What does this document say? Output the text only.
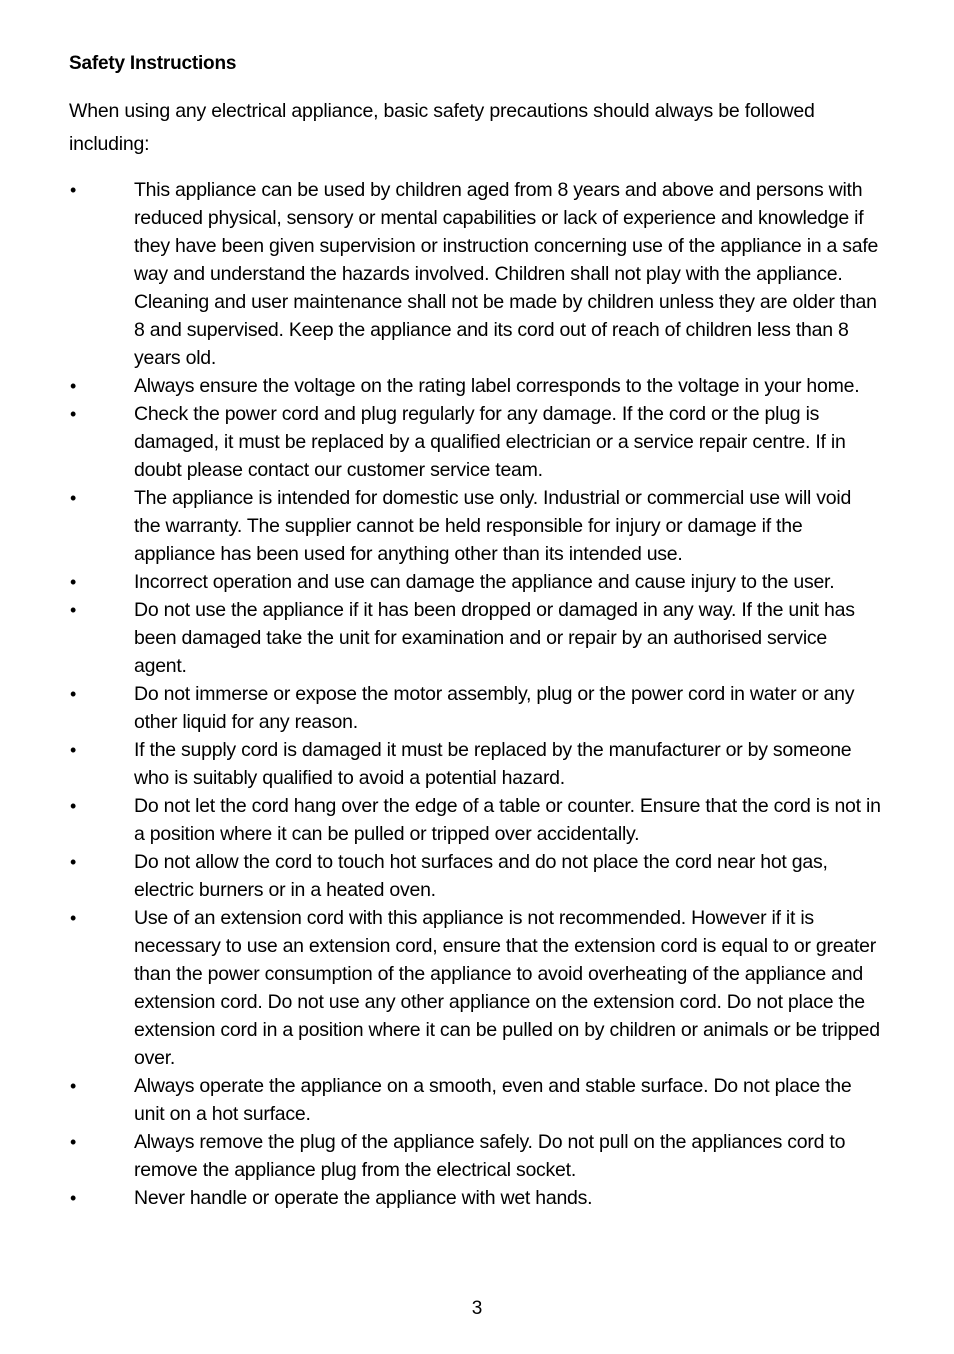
Safety Instructions
When using any electrical appliance, basic safety precautions should always be followed including:
•	This appliance can be used by children aged from 8 years and above and persons with reduced physical, sensory or mental capabilities or lack of experience and knowledge if they have been given supervision or instruction concerning use of the appliance in a safe way and understand the hazards involved. Children shall not play with the appliance. Cleaning and user maintenance shall not be made by children unless they are older than 8 and supervised. Keep the appliance and its cord out of reach of children less than 8 years old.
•	Always ensure the voltage on the rating label corresponds to the voltage in your home.
•	Check the power cord and plug regularly for any damage. If the cord or the plug is damaged, it must be replaced by a qualified electrician or a service repair centre. If in doubt please contact our customer service team.
•	The appliance is intended for domestic use only. Industrial or commercial use will void the warranty. The supplier cannot be held responsible for injury or damage if the appliance has been used for anything other than its intended use.
•	Incorrect operation and use can damage the appliance and cause injury to the user.
•	Do not use the appliance if it has been dropped or damaged in any way. If the unit has been damaged take the unit for examination and or repair by an authorised service agent.
•	Do not immerse or expose the motor assembly, plug or the power cord in water or any other liquid for any reason.
•	If the supply cord is damaged it must be replaced by the manufacturer or by someone who is suitably qualified to avoid a potential hazard.
•	Do not let the cord hang over the edge of a table or counter. Ensure that the cord is not in a position where it can be pulled or tripped over accidentally.
•	Do not allow the cord to touch hot surfaces and do not place the cord near hot gas, electric burners or in a heated oven.
•	Use of an extension cord with this appliance is not recommended. However if it is necessary to use an extension cord, ensure that the extension cord is equal to or greater than the power consumption of the appliance to avoid overheating of the appliance and extension cord. Do not use any other appliance on the extension cord. Do not place the extension cord in a position where it can be pulled on by children or animals or be tripped over.
•	Always operate the appliance on a smooth, even and stable surface. Do not place the unit on a hot surface.
•	Always remove the plug of the appliance safely. Do not pull on the appliances cord to remove the appliance plug from the electrical socket.
•	Never handle or operate the appliance with wet hands.
3
